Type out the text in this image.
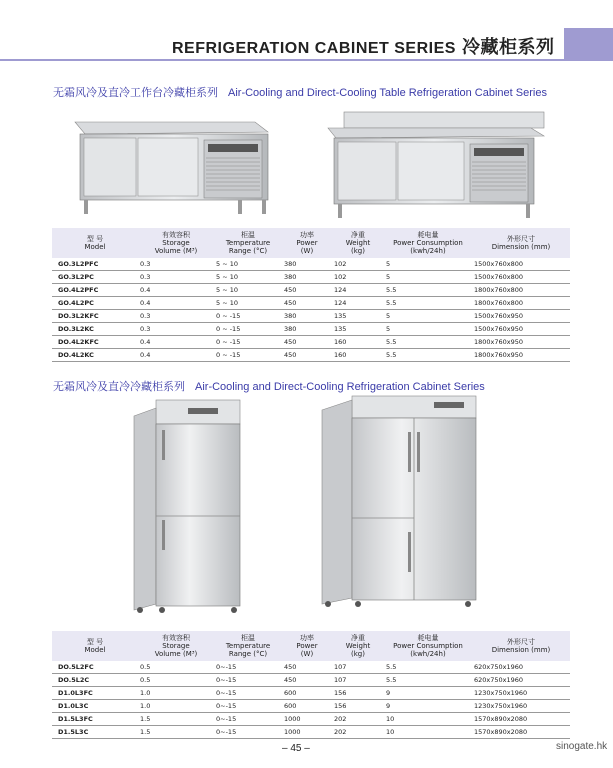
REFRIGERATION CABINET SERIES 冷藏柜系列
无霜风冷及直冷工作台冷藏柜系列 Air-Cooling and Direct-Cooling Table Refrigeration Cabinet Series
型 号
Model	有效容积
Storage
Volume (M³)	柜温
Temperature
Range (°C)	功率
Power
(W)	净重
Weight
(kg)	耗电量
Power Consumption
(kwh/24h)	外形尺寸
Dimension (mm)
GO.3L2PFC	0.3	5 ~ 10	380	102	5	1500x760x800
GO.3L2PC	0.3	5 ~ 10	380	102	5	1500x760x800
GO.4L2PFC	0.4	5 ~ 10	450	124	5.5	1800x760x800
GO.4L2PC	0.4	5 ~ 10	450	124	5.5	1800x760x800
DO.3L2KFC	0.3	0 ~ -15	380	135	5	1500x760x950
DO.3L2KC	0.3	0 ~ -15	380	135	5	1500x760x950
DO.4L2KFC	0.4	0 ~ -15	450	160	5.5	1800x760x950
DO.4L2KC	0.4	0 ~ -15	450	160	5.5	1800x760x950
无霜风冷及直冷冷藏柜系列 Air-Cooling and Direct-Cooling Refrigeration Cabinet Series
型 号
Model	有效容积
Storage
Volume (M³)	柜温
Temperature
Range (°C)	功率
Power
(W)	净重
Weight
(kg)	耗电量
Power Consumption
(kwh/24h)	外形尺寸
Dimension (mm)
DO.5L2FC	0.5	0~-15	450	107	5.5	620x750x1960
DO.5L2C	0.5	0~-15	450	107	5.5	620x750x1960
D1.0L3FC	1.0	0~-15	600	156	9	1230x750x1960
D1.0L3C	1.0	0~-15	600	156	9	1230x750x1960
D1.5L3FC	1.5	0~-15	1000	202	10	1570x890x2080
D1.5L3C	1.5	0~-15	1000	202	10	1570x890x2080
– 45 –	sinogate.hk
